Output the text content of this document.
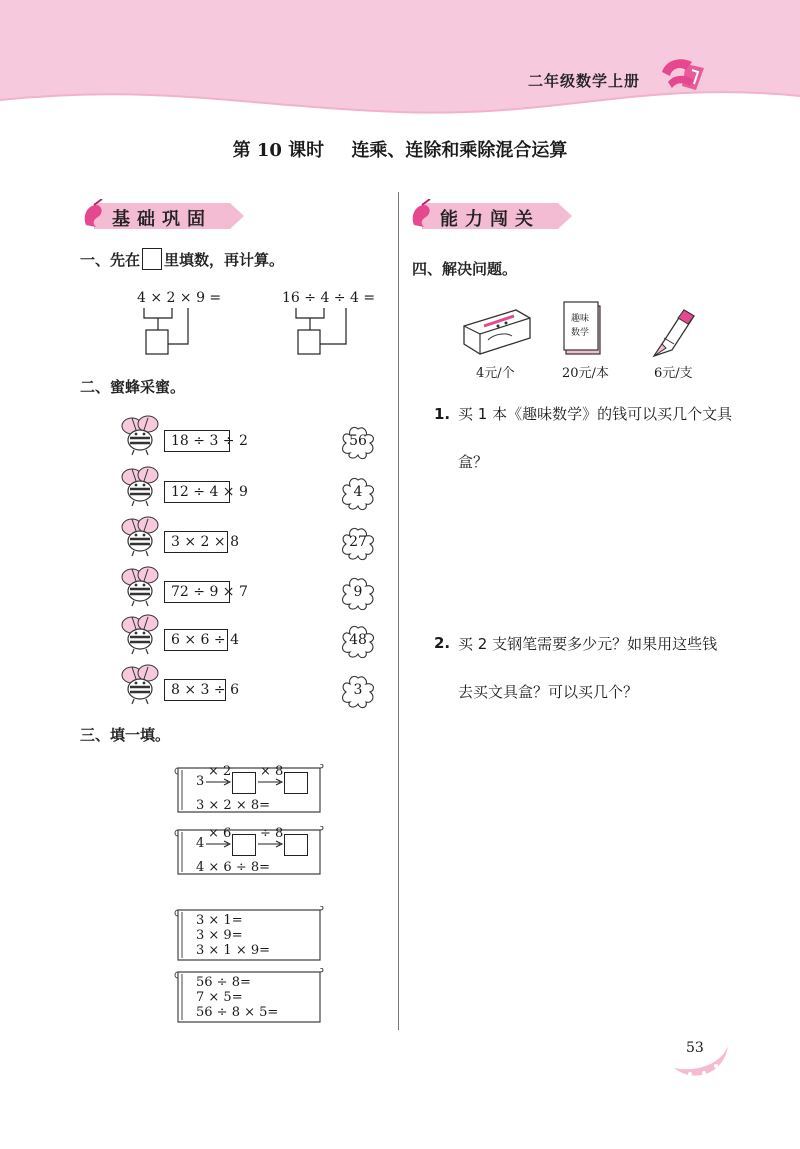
二年级数学上册
第 10 课时 连乘、连除和乘除混合运算
基础巩固
一、先在 里填数，再计算。
4 × 2 × 9 =	16 ÷ 4 ÷ 4 =
二、蜜蜂采蜜。
18 ÷ 3 ÷ 2	56
12 ÷ 4 × 9	4
3 × 2 × 8	27
72 ÷ 9 × 7	9
6 × 6 ÷ 4	48
8 × 3 ÷ 6	3
三、填一填。
3
× 2 × 8
3 × 2 × 8=
4
× 6 ÷ 8
4 × 6 ÷ 8=
3 × 1=
3 × 9=
3 × 1 × 9=
56 ÷ 8=
7 × 5=
56 ÷ 8 × 5=
能力闯关
四、解决问题。
趣味
数学
4元/个	20元/本	6元/支
1. 买 1 本《趣味数学》的钱可以买几个文具盒？
2. 买 2 支钢笔需要多少元？如果用这些钱去买文具盒？可以买几个？
53
